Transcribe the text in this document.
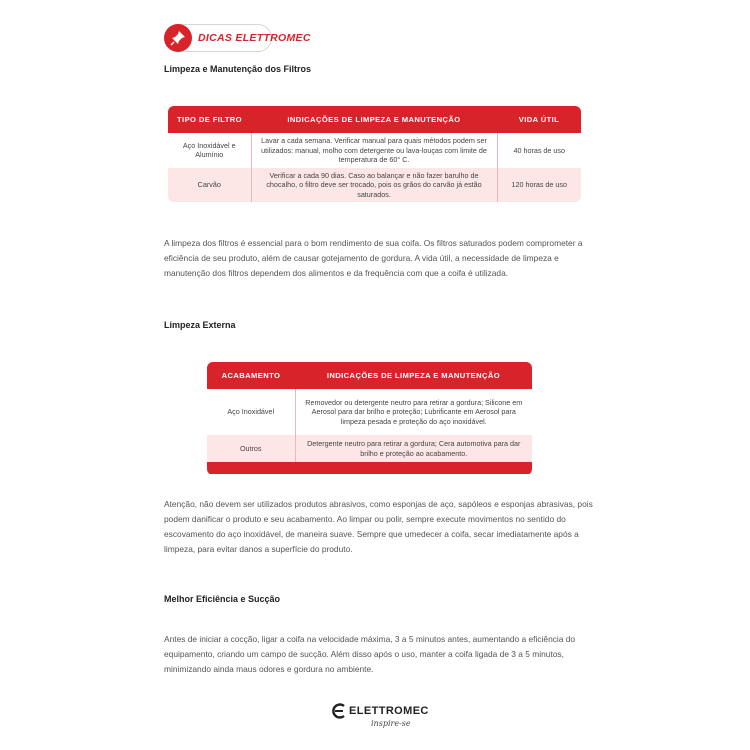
DICAS ELETTROMEC
Limpeza e Manutenção dos Filtros
TIPO DE FILTRO	INDICAÇÕES DE LIMPEZA E MANUTENÇÃO	VIDA ÚTIL
Aço Inoxidável e Alumínio	Lavar a cada semana. Verificar manual para quais métodos podem ser utilizados: manual, molho com detergente ou lava-louças com limite de temperatura de 60° C.	40 horas de uso
Carvão	Verificar a cada 90 dias. Caso ao balançar e não fazer barulho de chocalho, o filtro deve ser trocado, pois os grãos do carvão já estão saturados.	120 horas de uso

A limpeza dos filtros é essencial para o bom rendimento de sua coifa. Os filtros saturados podem comprometer a eficiência de seu produto, além de causar gotejamento de gordura. A vida útil, a necessidade de limpeza e manutenção dos filtros dependem dos alimentos e da frequência com que a coifa é utilizada.
Limpeza Externa
ACABAMENTO	INDICAÇÕES DE LIMPEZA E MANUTENÇÃO
Aço Inoxidável	Removedor ou detergente neutro para retirar a gordura; Silicone em Aerosol para dar brilho e proteção; Lubrificante em Aerosol para limpeza pesada e proteção do aço inoxidável.
Outros	Detergente neutro para retirar a gordura; Cera automotiva para dar brilho e proteção ao acabamento.

Atenção, não devem ser utilizados produtos abrasivos, como esponjas de aço, sapóleos e esponjas abrasivas, pois podem danificar o produto e seu acabamento. Ao limpar ou polir, sempre execute movimentos no sentido do escovamento do aço inoxidável, de maneira suave. Sempre que umedecer a coifa, secar imediatamente após a limpeza, para evitar danos a superfície do produto.
Melhor Eficiência e Sucção
Antes de iniciar a cocção, ligar a coifa na velocidade máxima, 3 a 5 minutos antes, aumentando a eficiência do equipamento, criando um campo de sucção. Além disso após o uso, manter a coifa ligada de 3 a 5 minutos, minimizando ainda maus odores e gordura no ambiente.
ELETTROMEC
inspire-se
